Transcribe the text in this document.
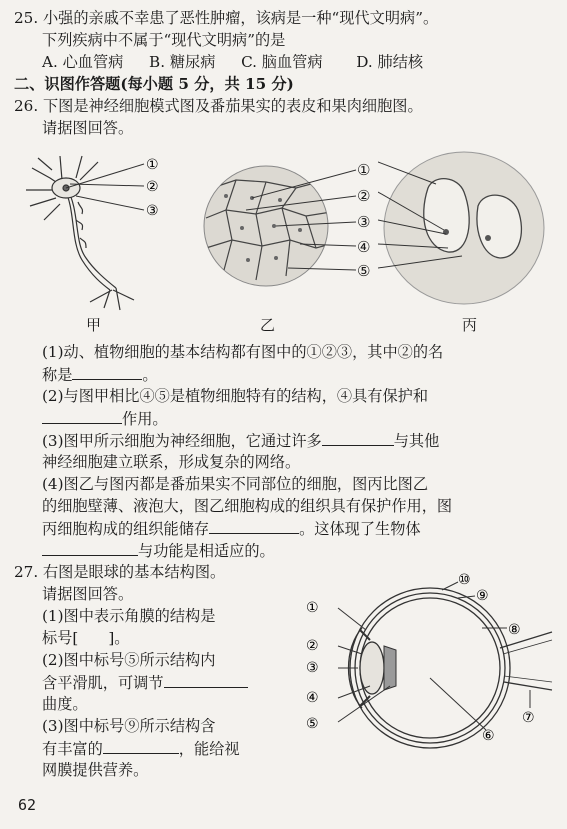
25. 小强的亲戚不幸患了恶性肿瘤，该病是一种“现代文明病”。
下列疾病中不属于“现代文明病”的是
A. 心血管病 B. 糖尿病 C. 脑血管病 D. 肺结核
二、识图作答题(每小题 5 分，共 15 分)
26. 下图是神经细胞模式图及番茄果实的表皮和果肉细胞图。
请据图回答。
①
②
③
①
②
③
④
⑤
甲	乙	丙
(1)动、植物细胞的基本结构都有图中的①②③，其中②的名
称是	。
(2)与图甲相比④⑤是植物细胞特有的结构，④具有保护和
作用。
(3)图甲所示细胞为神经细胞，它通过许多	与其他
神经细胞建立联系，形成复杂的网络。
(4)图乙与图丙都是番茄果实不同部位的细胞，图丙比图乙
的细胞壁薄、液泡大，图乙细胞构成的组织具有保护作用，图
丙细胞构成的组织能储存	。这体现了生物体
与功能是相适应的。
27. 右图是眼球的基本结构图。
请据图回答。
(1)图中表示角膜的结构是
标号[ ]。
(2)图中标号⑤所示结构内
含平滑肌，可调节
曲度。
(3)图中标号⑨所示结构含
有丰富的	，能给视
网膜提供营养。
①
②
③
④
⑤
⑥
⑦
⑧
⑨
⑩
62
